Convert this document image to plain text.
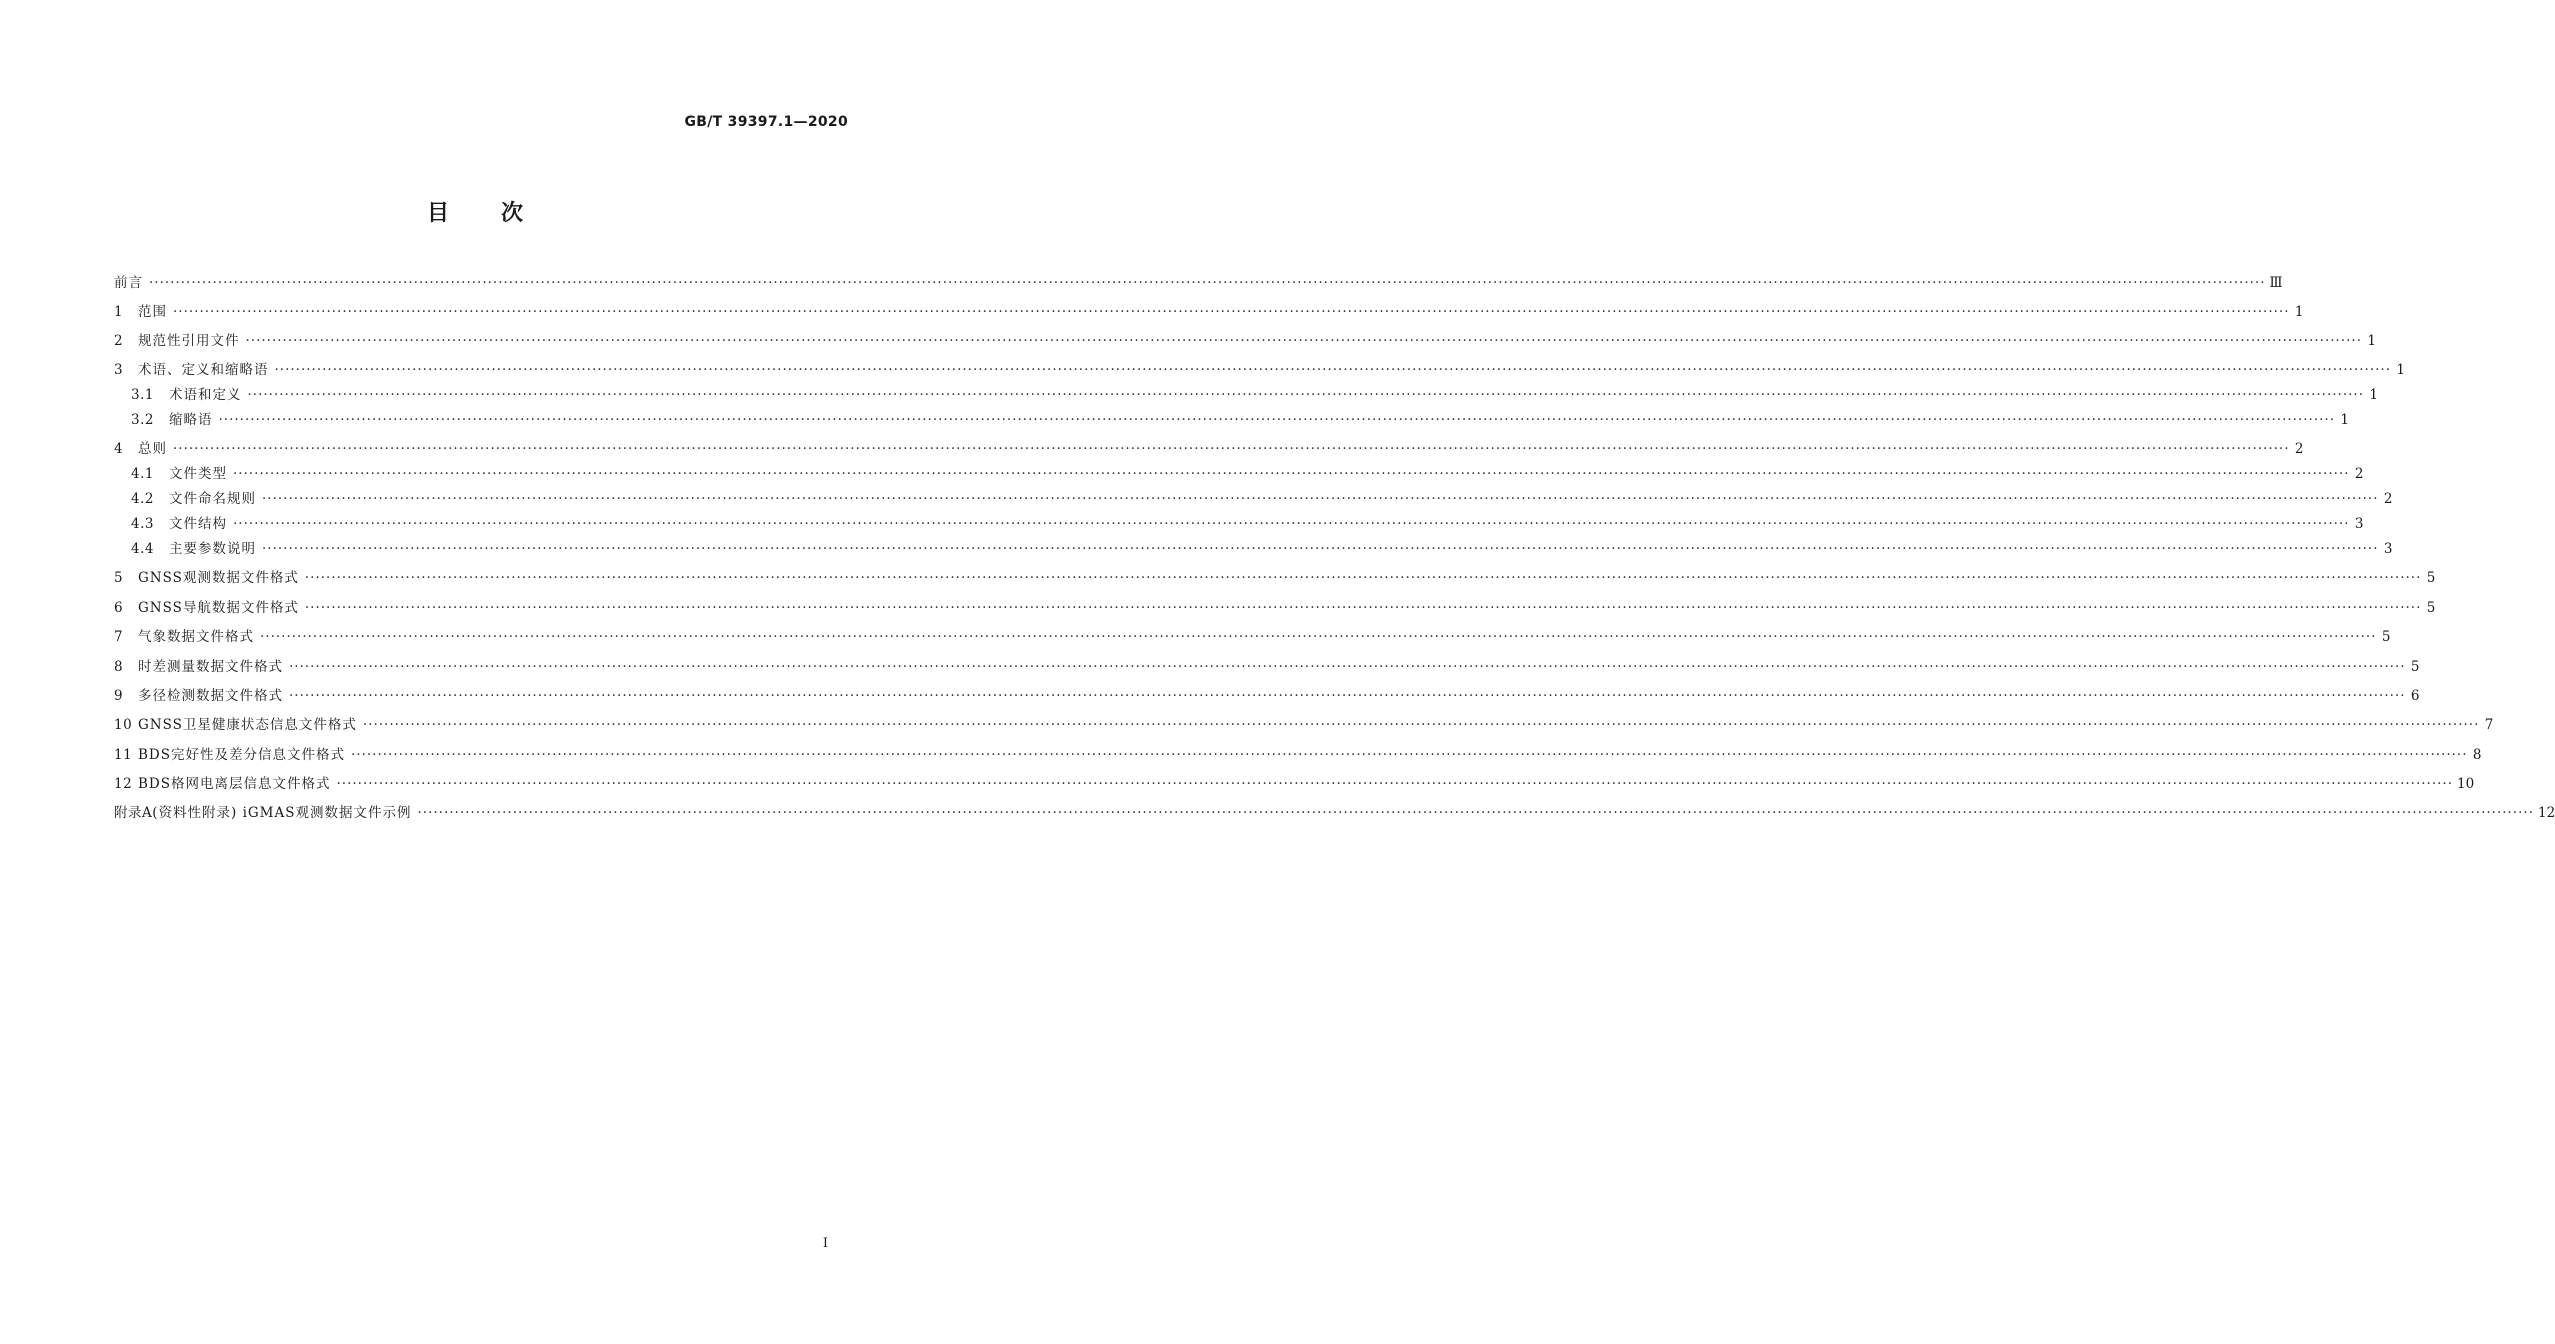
GB/T 39397.1—2020
目次
前言 ················································································································································································································································································································································································································ Ⅲ
1 范围 ················································································································································································································································································································································································································ 1
2 规范性引用文件 ················································································································································································································································································································································································································ 1
3 术语、定义和缩略语 ················································································································································································································································································································································································································ 1
3.1 术语和定义 ················································································································································································································································································································································································································ 1
3.2 缩略语 ················································································································································································································································································································································································································ 1
4 总则 ················································································································································································································································································································································································································ 2
4.1 文件类型 ················································································································································································································································································································································································································ 2
4.2 文件命名规则 ················································································································································································································································································································································································································ 2
4.3 文件结构 ················································································································································································································································································································································································································ 3
4.4 主要参数说明 ················································································································································································································································································································································································································ 3
5 GNSS观测数据文件格式 ················································································································································································································································································································································································································ 5
6 GNSS导航数据文件格式 ················································································································································································································································································································································································································ 5
7 气象数据文件格式 ················································································································································································································································································································································································································ 5
8 时差测量数据文件格式 ················································································································································································································································································································································································································ 5
9 多径检测数据文件格式 ················································································································································································································································································································································································································ 6
10 GNSS卫星健康状态信息文件格式 ················································································································································································································································································································································································································ 7
11 BDS完好性及差分信息文件格式 ················································································································································································································································································································································································································ 8
12 BDS格网电离层信息文件格式 ················································································································································································································································································································································································································ 10
附录A(资料性附录) iGMAS观测数据文件示例 ················································································································································································································································································································································································································ 12
I
